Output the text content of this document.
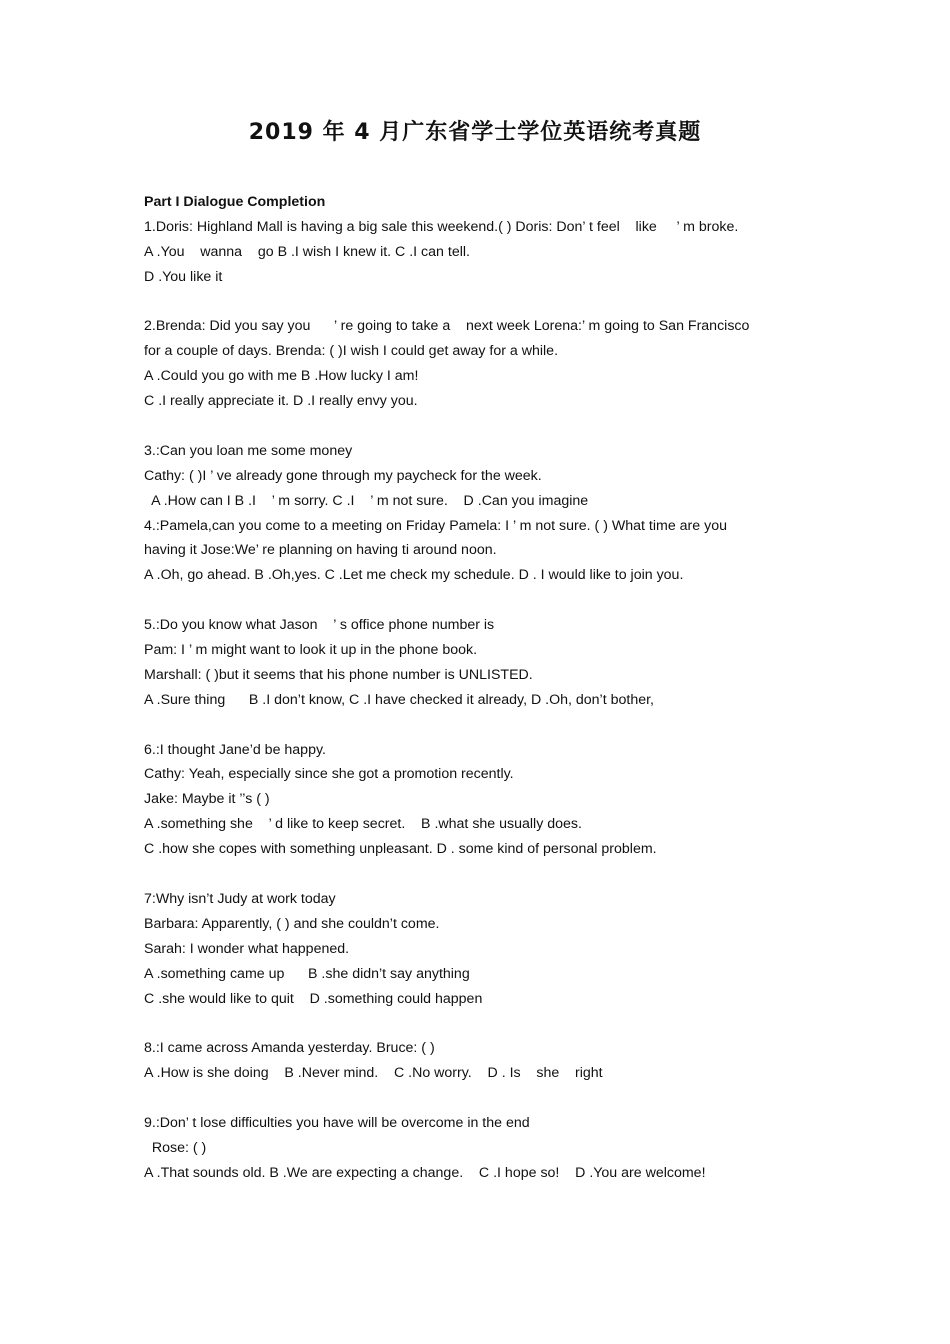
2019 年 4 月广东省学士学位英语统考真题
Part I Dialogue Completion
1.Doris: Highland Mall is having a big sale this weekend.( ) Doris: Don’ t feel    like     ’ m broke.
A .You    wanna    go B .I wish I knew it. C .I can tell.
D .You like it
2.Brenda: Did you say you      ’ re going to take a    next week Lorena:’ m going to San Francisco
for a couple of days. Brenda: ( )I wish I could get away for a while.
A .Could you go with me B .How lucky I am!
C .I really appreciate it. D .I really envy you.
3.:Can you loan me some money
Cathy: ( )I ’ ve already gone through my paycheck for the week.
A .How can I B .I    ’ m sorry. C .I    ’ m not sure.    D .Can you imagine
4.:Pamela,can you come to a meeting on Friday Pamela: I ’ m not sure. ( ) What time are you
having it Jose:We’ re planning on having ti around noon.
A .Oh, go ahead. B .Oh,yes. C .Let me check my schedule. D . I would like to join you.
5.:Do you know what Jason    ’ s office phone number is
Pam: I ’ m might want to look it up in the phone book.
Marshall: ( )but it seems that his phone number is UNLISTED.
A .Sure thing      B .I don’t know, C .I have checked it already, D .Oh, don’t bother,
6.:I thought Jane’d be happy.
Cathy: Yeah, especially since she got a promotion recently.
Jake: Maybe it ’’s ( )
A .something she    ’ d like to keep secret.    B .what she usually does.
C .how she copes with something unpleasant. D . some kind of personal problem.
7:Why isn’t Judy at work today
Barbara: Apparently, ( ) and she couldn’t come.
Sarah: I wonder what happened.
A .something came up      B .she didn’t say anything
C .she would like to quit    D .something could happen
8.:I came across Amanda yesterday. Bruce: ( )
A .How is she doing    B .Never mind.    C .No worry.    D . Is    she    right
9.:Don’ t lose difficulties you have will be overcome in the end
Rose: ( )
A .That sounds old. B .We are expecting a change.    C .I hope so!    D .You are welcome!
